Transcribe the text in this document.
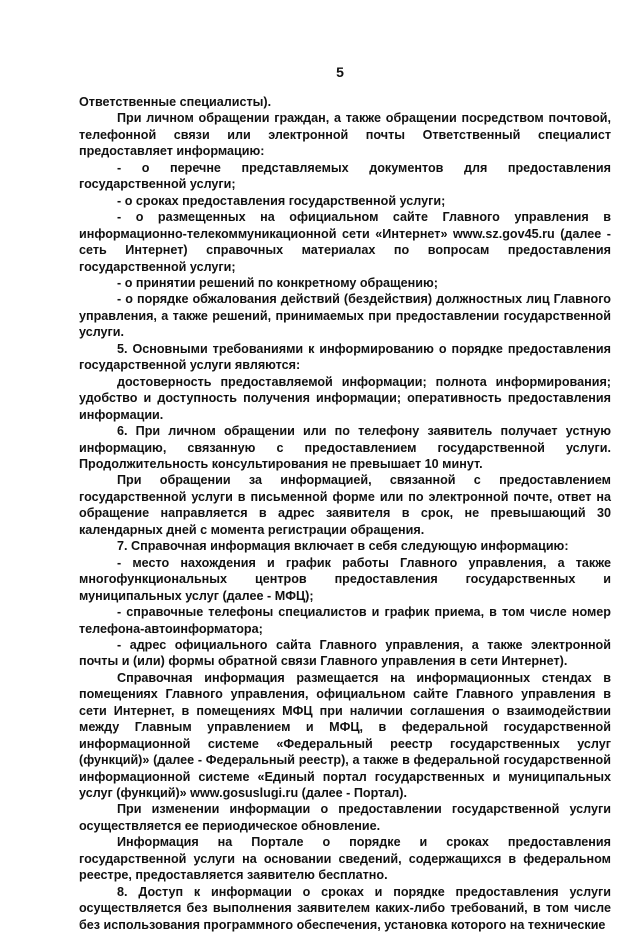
5

Ответственные специалисты).

При личном обращении граждан, а также обращении посредством почтовой, телефонной связи или электронной почты Ответственный специалист предоставляет информацию:

- о перечне представляемых документов для предоставления государственной услуги;

- о сроках предоставления государственной услуги;

- о размещенных на официальном сайте Главного управления в информационно-телекоммуникационной сети «Интернет» www.sz.gov45.ru (далее - сеть Интернет) справочных материалах по вопросам предоставления государственной услуги;

- о принятии решений по конкретному обращению;

- о порядке обжалования действий (бездействия) должностных лиц Главного управления, а также решений, принимаемых при предоставлении государственной услуги.

5. Основными требованиями к информированию о порядке предоставления государственной услуги являются:

достоверность предоставляемой информации; полнота информирования; удобство и доступность получения информации; оперативность предоставления информации.

6. При личном обращении или по телефону заявитель получает устную информацию, связанную с предоставлением государственной услуги. Продолжительность консультирования не превышает 10 минут.

При обращении за информацией, связанной с предоставлением государственной услуги в письменной форме или по электронной почте, ответ на обращение направляется в адрес заявителя в срок, не превышающий 30 календарных дней с момента регистрации обращения.

7. Справочная информация включает в себя следующую информацию:

- место нахождения и график работы Главного управления, а также многофункциональных центров предоставления государственных и муниципальных услуг (далее - МФЦ);

- справочные телефоны специалистов и график приема, в том числе номер телефона-автоинформатора;

- адрес официального сайта Главного управления, а также электронной почты и (или) формы обратной связи Главного управления в сети Интернет).

Справочная информация размещается на информационных стендах в помещениях Главного управления, официальном сайте Главного управления в сети Интернет, в помещениях МФЦ при наличии соглашения о взаимодействии между Главным управлением и МФЦ, в федеральной государственной информационной системе «Федеральный реестр государственных услуг (функций)» (далее - Федеральный реестр), а также в федеральной государственной информационной системе «Единый портал государственных и муниципальных услуг (функций)» www.gosuslugi.ru (далее - Портал).

При изменении информации о предоставлении государственной услуги осуществляется ее периодическое обновление.

Информация на Портале о порядке и сроках предоставления государственной услуги на основании сведений, содержащихся в федеральном реестре, предоставляется заявителю бесплатно.

8. Доступ к информации о сроках и порядке предоставления услуги осуществляется без выполнения заявителем каких-либо требований, в том числе без использования программного обеспечения, установка которого на технические
